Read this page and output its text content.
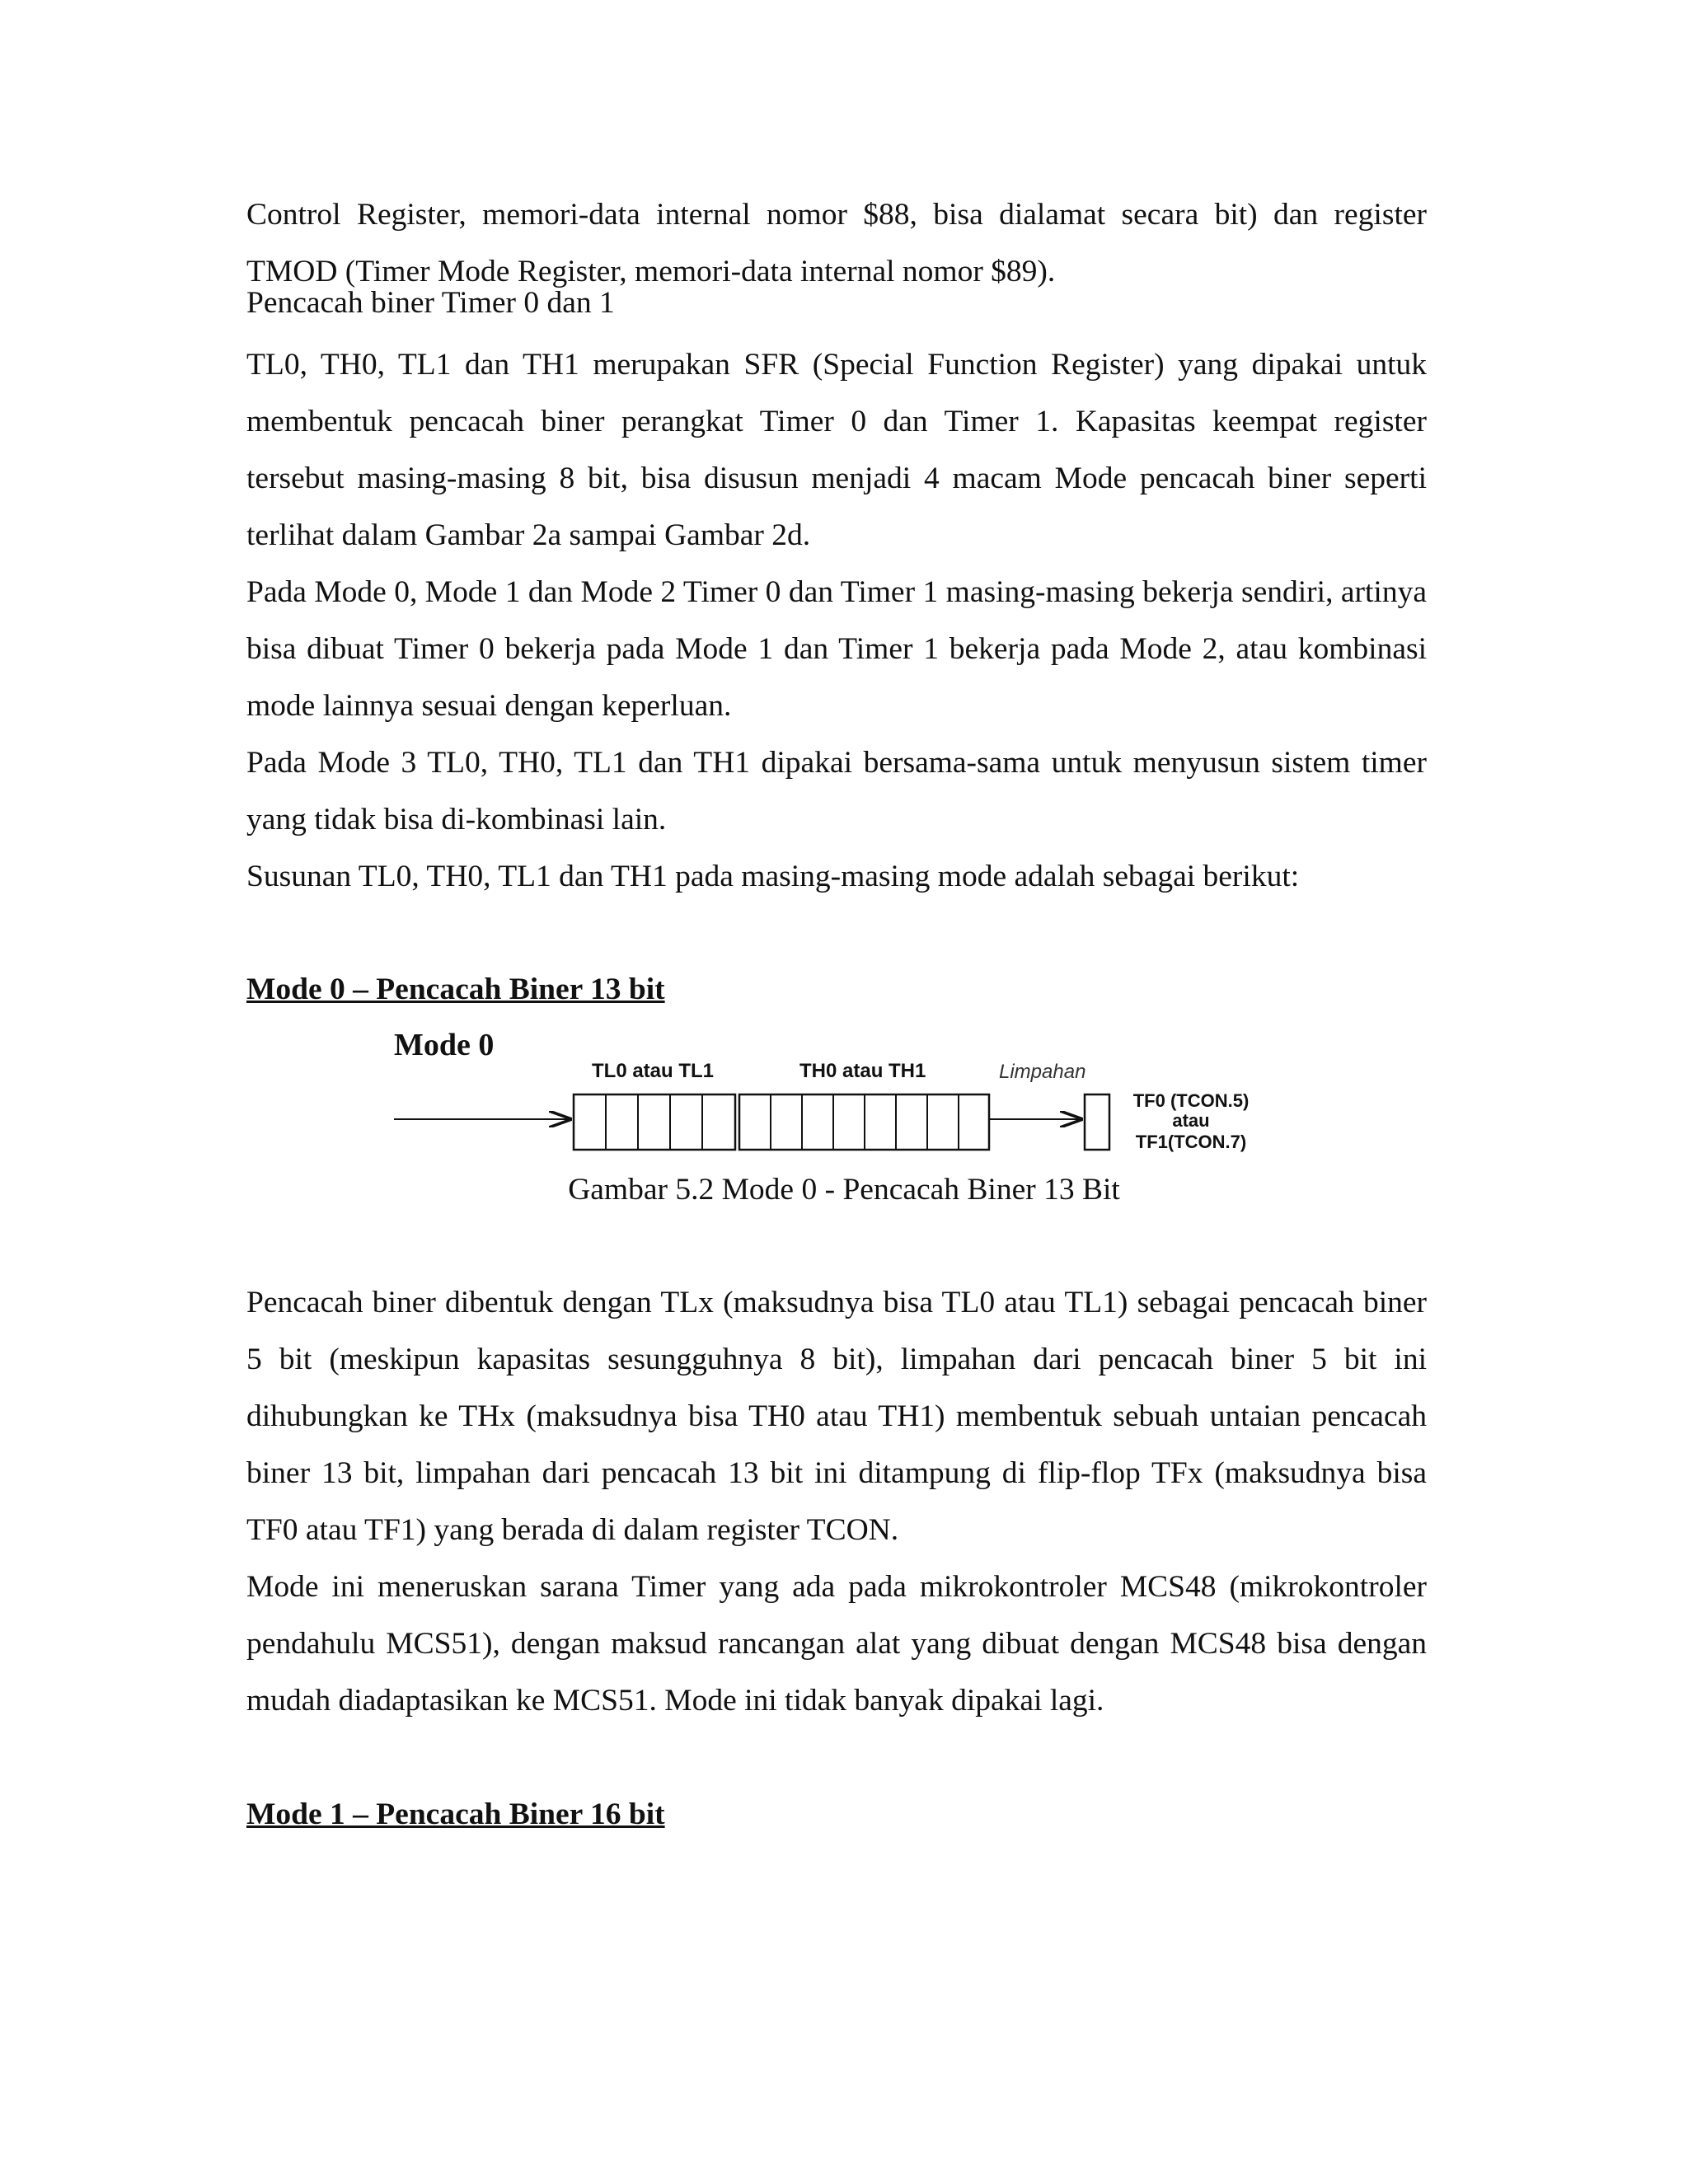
Control Register, memori-data internal nomor $88, bisa dialamat secara bit) dan register TMOD (Timer Mode Register, memori-data internal nomor $89).

Pencacah biner Timer 0 dan 1

TL0, TH0, TL1 dan TH1 merupakan SFR (Special Function Register) yang dipakai untuk membentuk pencacah biner perangkat Timer 0 dan Timer 1. Kapasitas keempat register tersebut masing-masing 8 bit, bisa disusun menjadi 4 macam Mode pencacah biner seperti terlihat dalam Gambar 2a sampai Gambar 2d.

Pada Mode 0, Mode 1 dan Mode 2 Timer 0 dan Timer 1 masing-masing bekerja sendiri, artinya bisa dibuat Timer 0 bekerja pada Mode 1 dan Timer 1 bekerja pada Mode 2, atau kombinasi mode lainnya sesuai dengan keperluan.

Pada Mode 3 TL0, TH0, TL1 dan TH1 dipakai bersama-sama untuk menyusun sistem timer yang tidak bisa di-kombinasi lain.

Susunan TL0, TH0, TL1 dan TH1 pada masing-masing mode adalah sebagai berikut:

Mode 0 – Pencacah Biner 13 bit

Mode 0
TL0 atau TL1	TH0 atau TH1	Limpahan
TF0 (TCON.5)
atau
TF1(TCON.7)

Gambar 5.2 Mode 0 - Pencacah Biner 13 Bit

Pencacah biner dibentuk dengan TLx (maksudnya bisa TL0 atau TL1) sebagai pencacah biner 5 bit (meskipun kapasitas sesungguhnya 8 bit), limpahan dari pencacah biner 5 bit ini dihubungkan ke THx (maksudnya bisa TH0 atau TH1) membentuk sebuah untaian pencacah biner 13 bit, limpahan dari pencacah 13 bit ini ditampung di flip-flop TFx (maksudnya bisa TF0 atau TF1) yang berada di dalam register TCON.

Mode ini meneruskan sarana Timer yang ada pada mikrokontroler MCS48 (mikrokontroler pendahulu MCS51), dengan maksud rancangan alat yang dibuat dengan MCS48 bisa dengan mudah diadaptasikan ke MCS51. Mode ini tidak banyak dipakai lagi.

Mode 1 – Pencacah Biner 16 bit
